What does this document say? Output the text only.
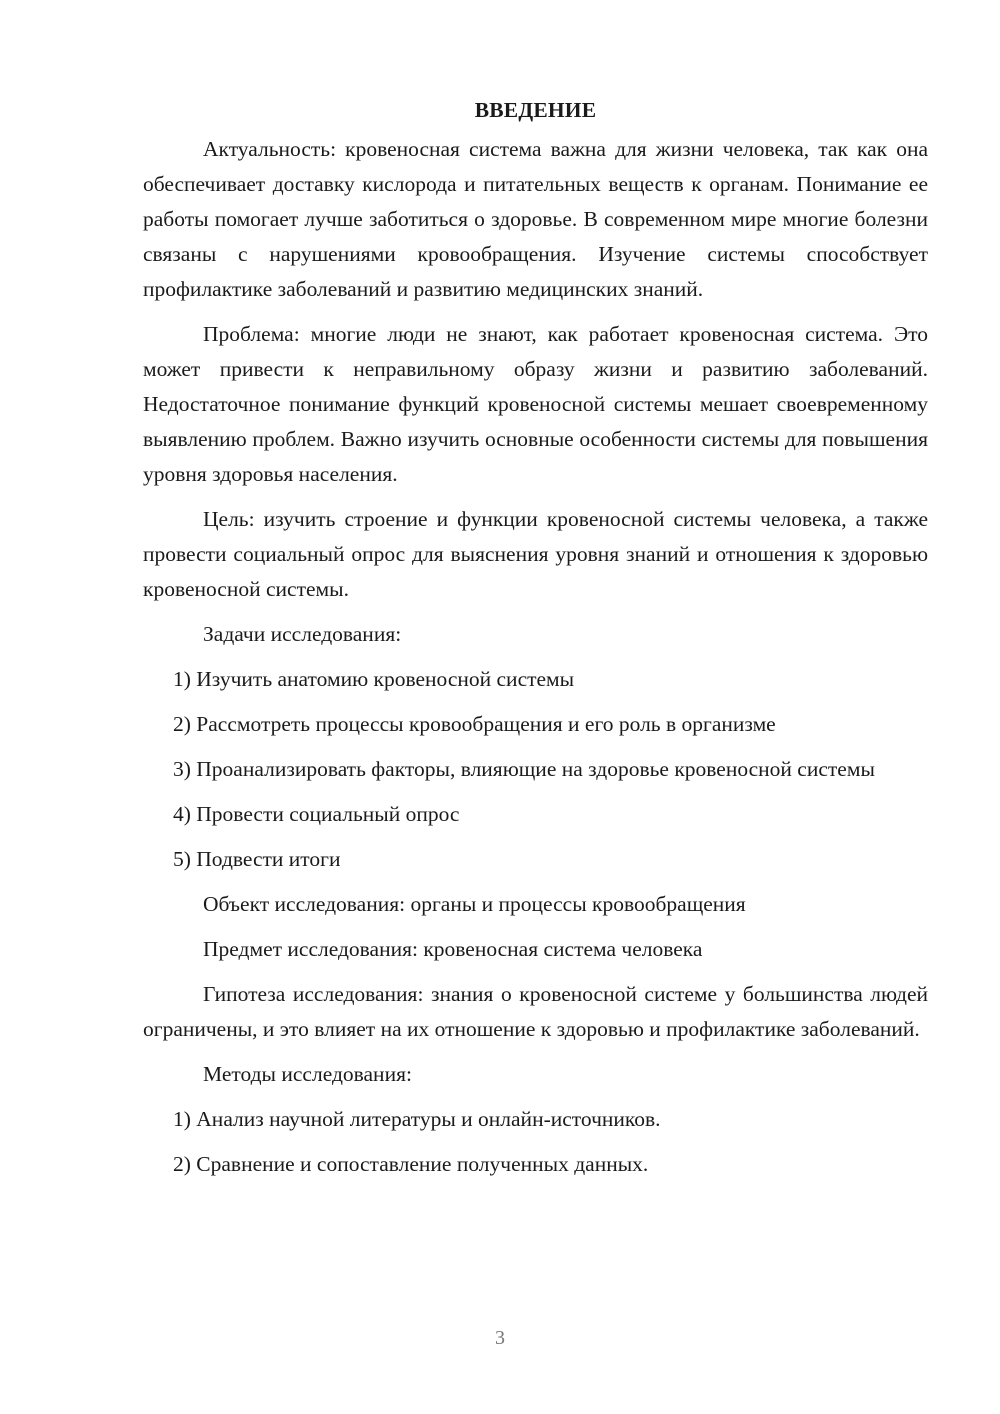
ВВЕДЕНИЕ

Актуальность: кровеносная система важна для жизни человека, так как она обеспечивает доставку кислорода и питательных веществ к органам. Понимание ее работы помогает лучше заботиться о здоровье. В современном мире многие болезни связаны с нарушениями кровообращения. Изучение системы способствует профилактике заболеваний и развитию медицинских знаний.

Проблема: многие люди не знают, как работает кровеносная система. Это может привести к неправильному образу жизни и развитию заболеваний. Недостаточное понимание функций кровеносной системы мешает своевременному выявлению проблем. Важно изучить основные особенности системы для повышения уровня здоровья населения.

Цель: изучить строение и функции кровеносной системы человека, а также провести социальный опрос для выяснения уровня знаний и отношения к здоровью кровеносной системы.

Задачи исследования:

1) Изучить анатомию кровеносной системы

2) Рассмотреть процессы кровообращения и его роль в организме

3) Проанализировать факторы, влияющие на здоровье кровеносной системы

4) Провести социальный опрос

5) Подвести итоги

Объект исследования: органы и процессы кровообращения

Предмет исследования: кровеносная система человека

Гипотеза исследования: знания о кровеносной системе у большинства людей ограничены, и это влияет на их отношение к здоровью и профилактике заболеваний.

Методы исследования:

1) Анализ научной литературы и онлайн-источников.

2) Сравнение и сопоставление полученных данных.

3
